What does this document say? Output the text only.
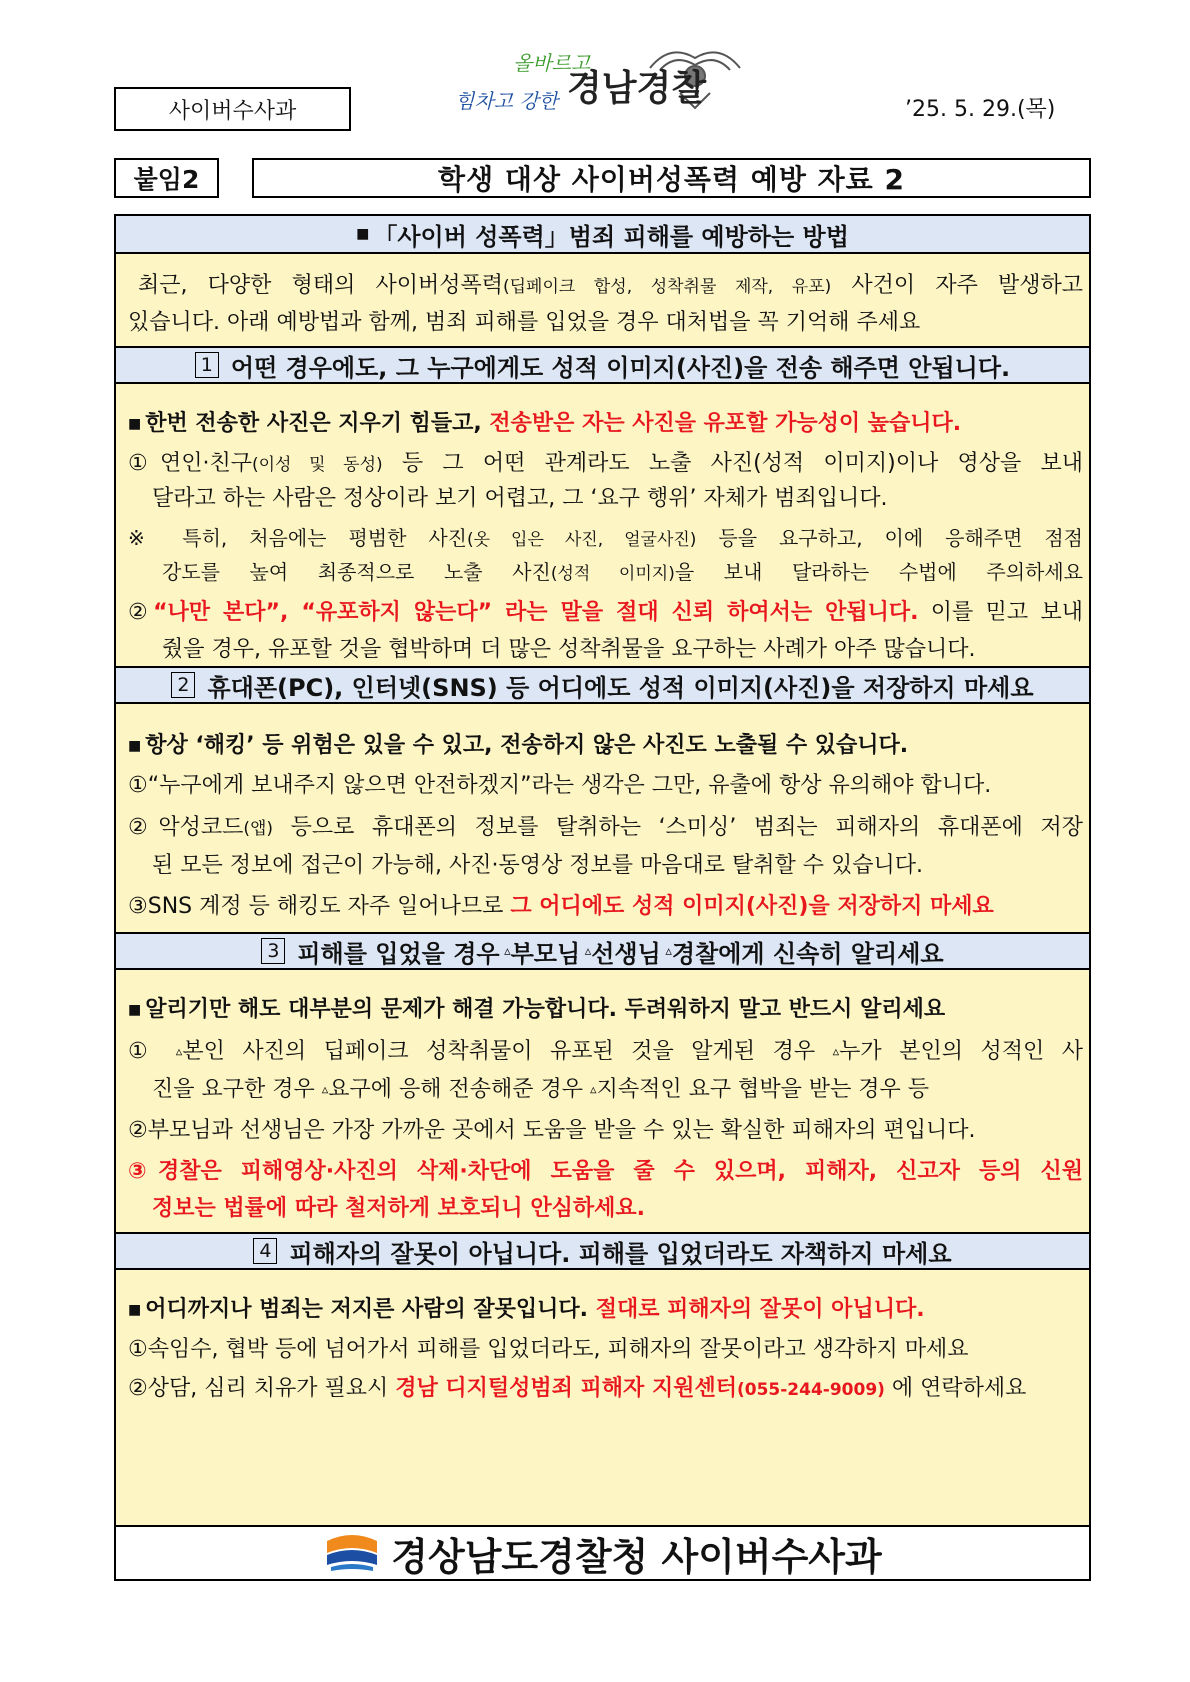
사이버수사과
올바르고
힘차고 강한 경남경찰
’25. 5. 29.(목)
붙임2	학생 대상 사이버성폭력 예방 자료 2
■ 「사이버 성폭력」범죄 피해를 예방하는 방법
최근, 다양한 형태의 사이버성폭력(딥페이크 합성, 성착취물 제작, 유포) 사건이 자주 발생하고
있습니다. 아래 예방법과 함께, 범죄 피해를 입었을 경우 대처법을 꼭 기억해 주세요
1 어떤 경우에도, 그 누구에게도 성적 이미지(사진)을 전송 해주면 안됩니다.
■ 한번 전송한 사진은 지우기 힘들고, 전송받은 자는 사진을 유포할 가능성이 높습니다.
①연인·친구(이성 및 동성) 등 그 어떤 관계라도 노출 사진(성적 이미지)이나 영상을 보내
달라고 하는 사람은 정상이라 보기 어렵고, 그 ‘요구 행위’ 자체가 범죄입니다.
※ 특히, 처음에는 평범한 사진(옷 입은 사진, 얼굴사진) 등을 요구하고, 이에 응해주면 점점
강도를 높여 최종적으로 노출 사진(성적 이미지)을 보내 달라하는 수법에 주의하세요
②“나만 본다”, “유포하지 않는다” 라는 말을 절대 신뢰 하여서는 안됩니다. 이를 믿고 보내
줬을 경우, 유포할 것을 협박하며 더 많은 성착취물을 요구하는 사례가 아주 많습니다.
2 휴대폰(PC), 인터넷(SNS) 등 어디에도 성적 이미지(사진)을 저장하지 마세요
■ 항상 ‘해킹’ 등 위험은 있을 수 있고, 전송하지 않은 사진도 노출될 수 있습니다.
①“누구에게 보내주지 않으면 안전하겠지”라는 생각은 그만, 유출에 항상 유의해야 합니다.
②악성코드(앱) 등으로 휴대폰의 정보를 탈취하는 ‘스미싱’ 범죄는 피해자의 휴대폰에 저장
된 모든 정보에 접근이 가능해, 사진·동영상 정보를 마음대로 탈취할 수 있습니다.
③SNS 계정 등 해킹도 자주 일어나므로 그 어디에도 성적 이미지(사진)을 저장하지 마세요
3 피해를 입었을 경우 ▵ 부모님 ▵ 선생님 ▵ 경찰에게 신속히 알리세요
■ 알리기만 해도 대부분의 문제가 해결 가능합니다. 두려워하지 말고 반드시 알리세요
① ▵본인 사진의 딥페이크 성착취물이 유포된 것을 알게된 경우 ▵누가 본인의 성적인 사
진을 요구한 경우 ▵요구에 응해 전송해준 경우 ▵지속적인 요구 협박을 받는 경우 등
②부모님과 선생님은 가장 가까운 곳에서 도움을 받을 수 있는 확실한 피해자의 편입니다.
③경찰은 피해영상·사진의 삭제·차단에 도움을 줄 수 있으며, 피해자, 신고자 등의 신원
정보는 법률에 따라 철저하게 보호되니 안심하세요.
4 피해자의 잘못이 아닙니다. 피해를 입었더라도 자책하지 마세요
■ 어디까지나 범죄는 저지른 사람의 잘못입니다. 절대로 피해자의 잘못이 아닙니다.
①속임수, 협박 등에 넘어가서 피해를 입었더라도, 피해자의 잘못이라고 생각하지 마세요
②상담, 심리 치유가 필요시 경남 디지털성범죄 피해자 지원센터(055-244-9009) 에 연락하세요
경상남도경찰청 사이버수사과
